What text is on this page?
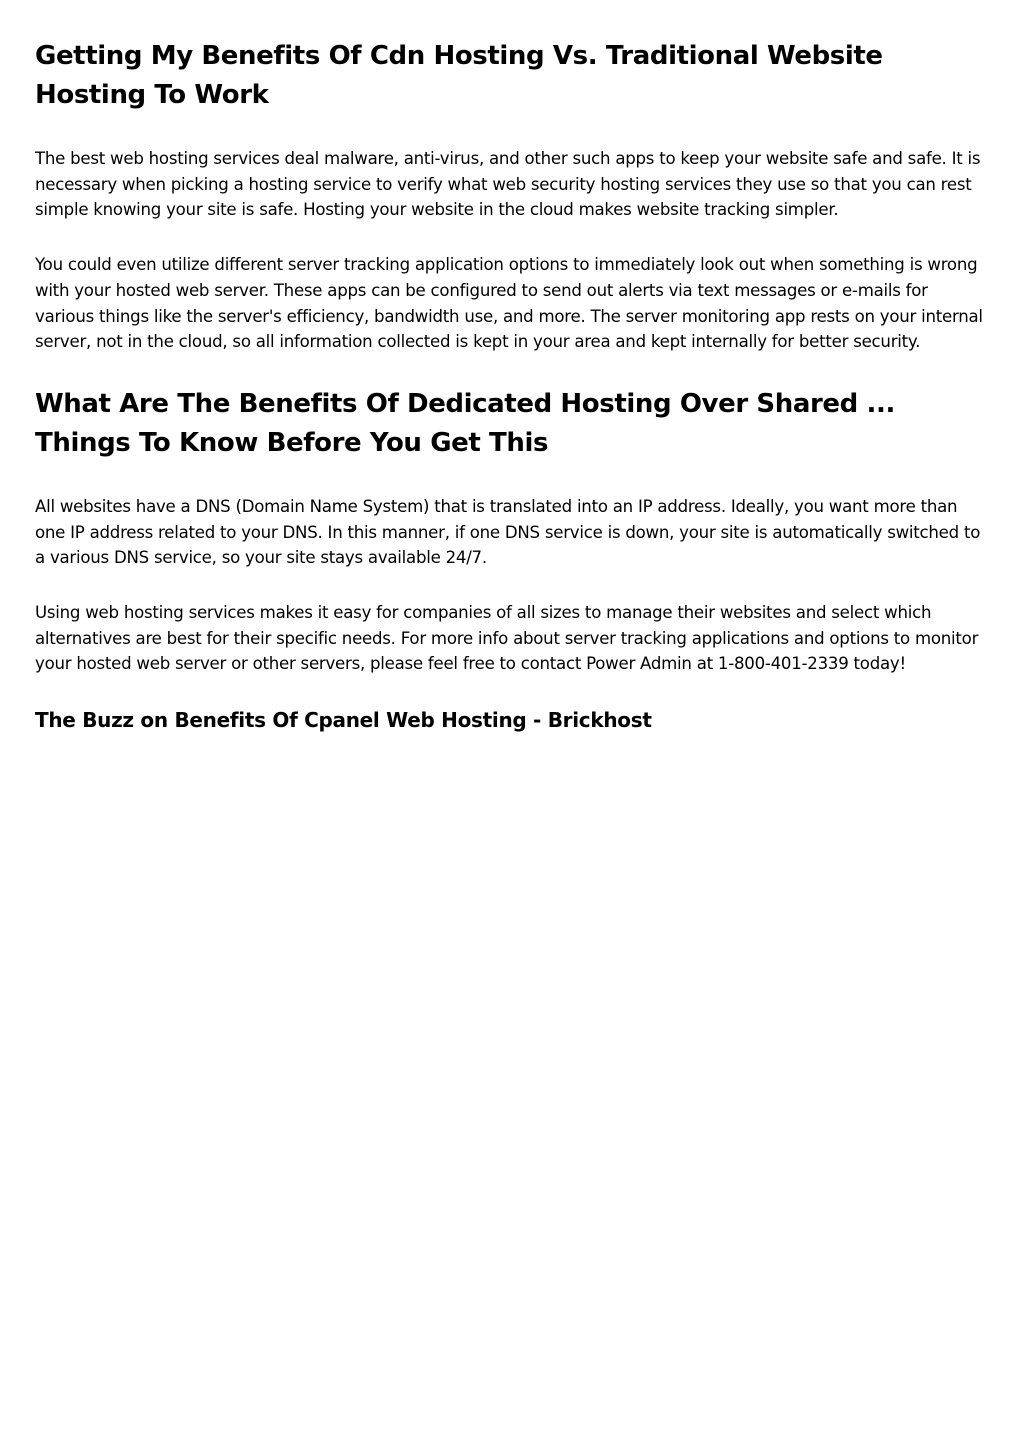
Getting My Benefits Of Cdn Hosting Vs. Traditional Website Hosting To Work

The best web hosting services deal malware, anti-virus, and other such apps to keep your website safe and safe. It is necessary when picking a hosting service to verify what web security hosting services they use so that you can rest simple knowing your site is safe. Hosting your website in the cloud makes website tracking simpler.

You could even utilize different server tracking application options to immediately look out when something is wrong with your hosted web server. These apps can be configured to send out alerts via text messages or e-mails for various things like the server's efficiency, bandwidth use, and more. The server monitoring app rests on your internal server, not in the cloud, so all information collected is kept in your area and kept internally for better security.

What Are The Benefits Of Dedicated Hosting Over Shared ... Things To Know Before You Get This

All websites have a DNS (Domain Name System) that is translated into an IP address. Ideally, you want more than one IP address related to your DNS. In this manner, if one DNS service is down, your site is automatically switched to a various DNS service, so your site stays available 24/7.

Using web hosting services makes it easy for companies of all sizes to manage their websites and select which alternatives are best for their specific needs. For more info about server tracking applications and options to monitor your hosted web server or other servers, please feel free to contact Power Admin at 1-800-401-2339 today!

The Buzz on Benefits Of Cpanel Web Hosting - Brickhost
